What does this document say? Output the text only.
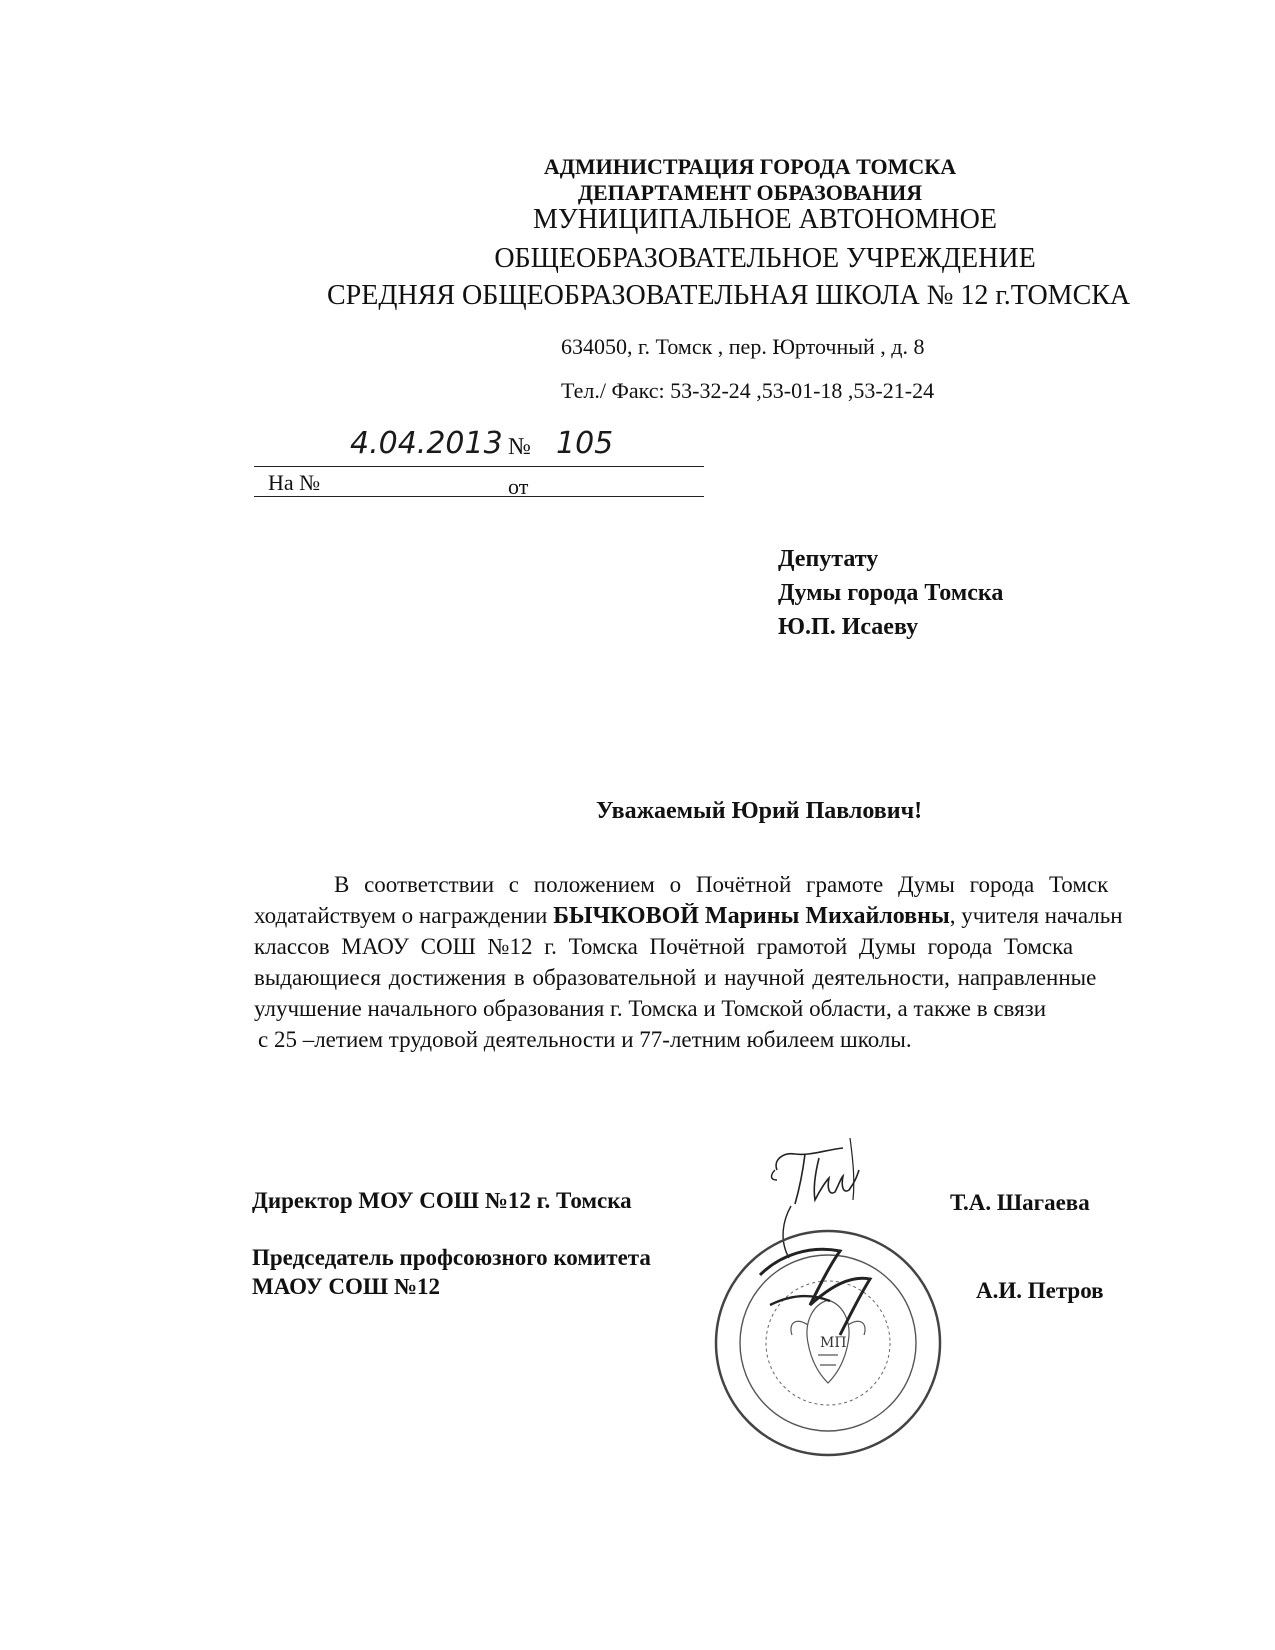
АДМИНИСТРАЦИЯ ГОРОДА ТОМСКА
ДЕПАРТАМЕНТ ОБРАЗОВАНИЯ
МУНИЦИПАЛЬНОЕ АВТОНОМНОЕ
ОБЩЕОБРАЗОВАТЕЛЬНОЕ УЧРЕЖДЕНИЕ
СРЕДНЯЯ ОБЩЕОБРАЗОВАТЕЛЬНАЯ ШКОЛА № 12 г.ТОМСКА
634050, г. Томск , пер. Юрточный , д. 8
Тел./ Факс: 53-32-24 ,53-01-18 ,53-21-24
4.04.2013 № 105
На №	от
Депутату
Думы города Томска
Ю.П. Исаеву
Уважаемый Юрий Павлович!
В соответствии с положением о Почётной грамоте Думы города Томск
ходатайствуем о награждении БЫЧКОВОЙ Марины Михайловны, учителя начальн
классов МАОУ СОШ №12 г. Томска Почётной грамотой Думы города Томска
выдающиеся достижения в образовательной и научной деятельности, направленные
улучшение начального образования г. Томска и Томской области, а также в связи
с 25 –летием трудовой деятельности и 77-летним юбилеем школы.
Директор МОУ СОШ №12 г. Томска	Т.А. Шагаева
Председатель профсоюзного комитета
МАОУ СОШ №12	А.И. Петров
МП
